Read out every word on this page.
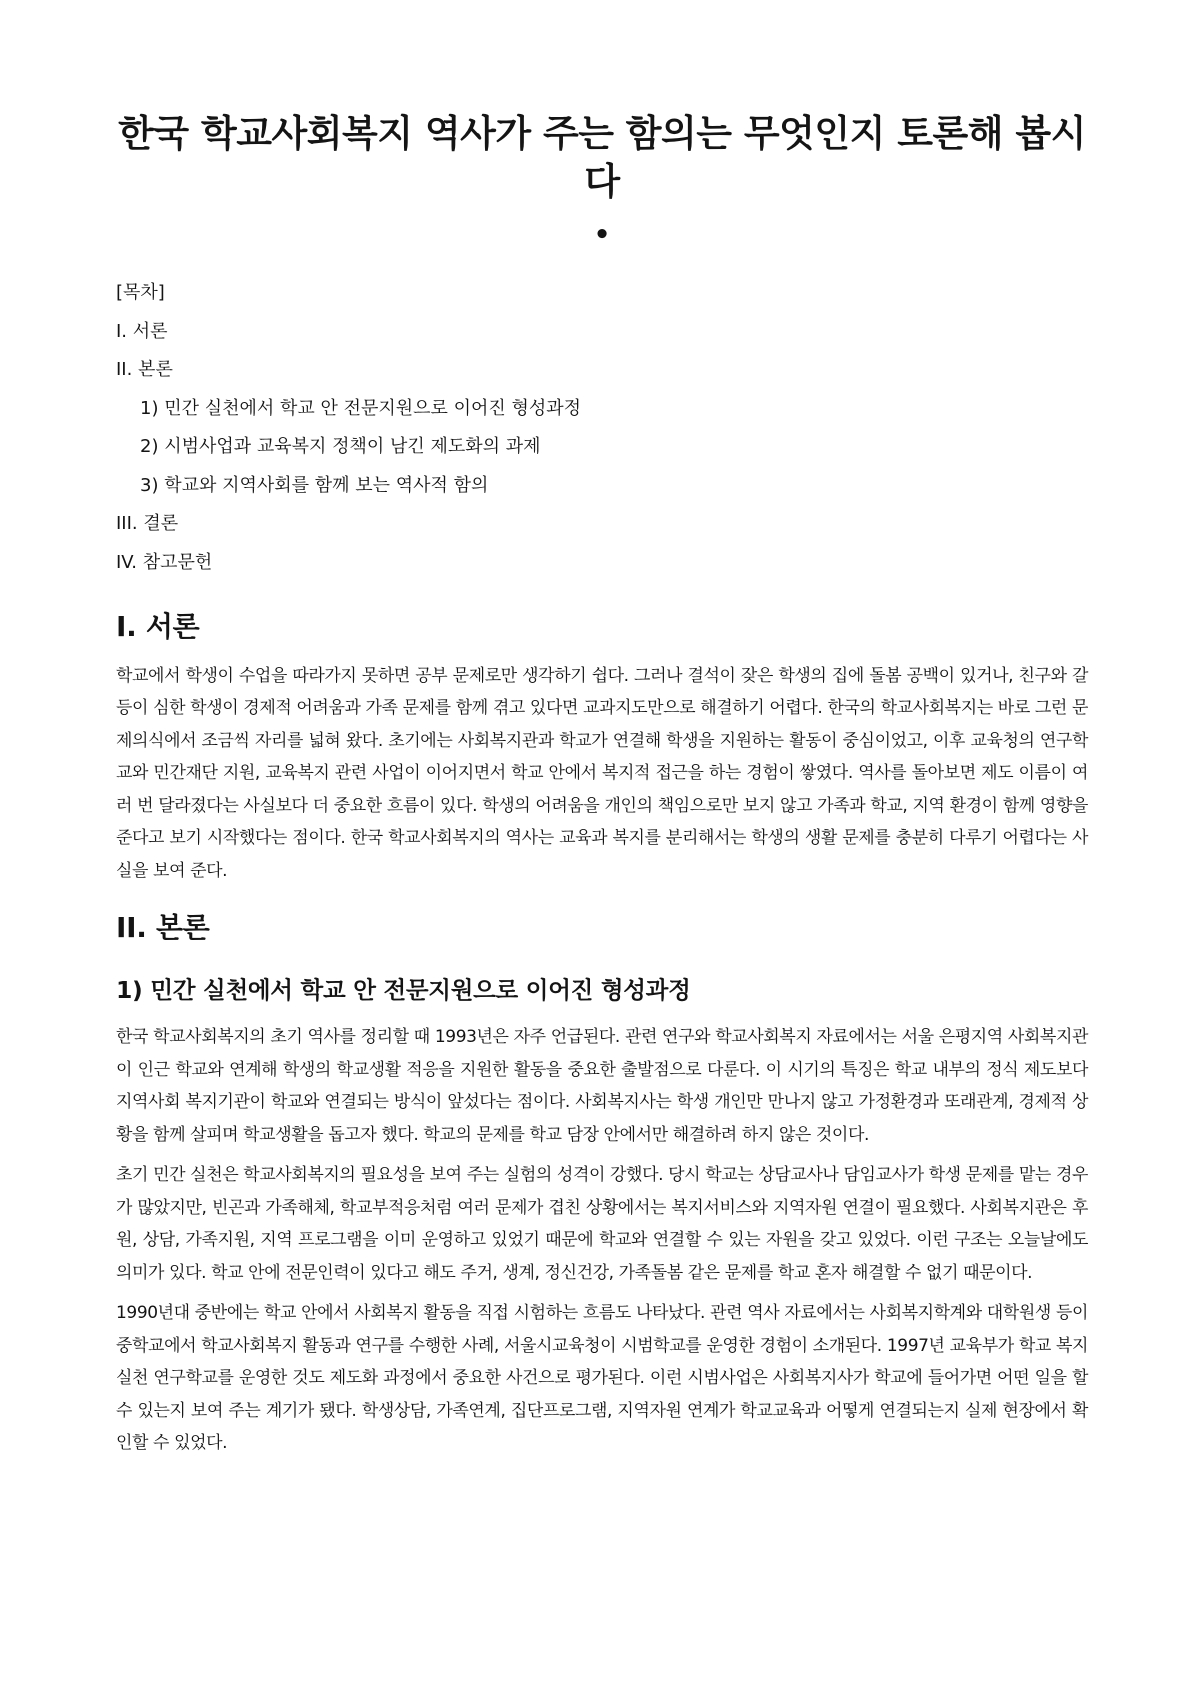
한국 학교사회복지 역사가 주는 함의는 무엇인지 토론해 봅시다
•
[목차]
I. 서론
II. 본론
1) 민간 실천에서 학교 안 전문지원으로 이어진 형성과정
2) 시범사업과 교육복지 정책이 남긴 제도화의 과제
3) 학교와 지역사회를 함께 보는 역사적 함의
III. 결론
IV. 참고문헌
I. 서론

학교에서 학생이 수업을 따라가지 못하면 공부 문제로만 생각하기 쉽다. 그러나 결석이 잦은 학생의 집에 돌봄 공백이 있거나, 친구와 갈등이 심한 학생이 경제적 어려움과 가족 문제를 함께 겪고 있다면 교과지도만으로 해결하기 어렵다. 한국의 학교사회복지는 바로 그런 문제의식에서 조금씩 자리를 넓혀 왔다. 초기에는 사회복지관과 학교가 연결해 학생을 지원하는 활동이 중심이었고, 이후 교육청의 연구학교와 민간재단 지원, 교육복지 관련 사업이 이어지면서 학교 안에서 복지적 접근을 하는 경험이 쌓였다. 역사를 돌아보면 제도 이름이 여러 번 달라졌다는 사실보다 더 중요한 흐름이 있다. 학생의 어려움을 개인의 책임으로만 보지 않고 가족과 학교, 지역 환경이 함께 영향을 준다고 보기 시작했다는 점이다. 한국 학교사회복지의 역사는 교육과 복지를 분리해서는 학생의 생활 문제를 충분히 다루기 어렵다는 사실을 보여 준다.

II. 본론
1) 민간 실천에서 학교 안 전문지원으로 이어진 형성과정

한국 학교사회복지의 초기 역사를 정리할 때 1993년은 자주 언급된다. 관련 연구와 학교사회복지 자료에서는 서울 은평지역 사회복지관이 인근 학교와 연계해 학생의 학교생활 적응을 지원한 활동을 중요한 출발점으로 다룬다. 이 시기의 특징은 학교 내부의 정식 제도보다 지역사회 복지기관이 학교와 연결되는 방식이 앞섰다는 점이다. 사회복지사는 학생 개인만 만나지 않고 가정환경과 또래관계, 경제적 상황을 함께 살피며 학교생활을 돕고자 했다. 학교의 문제를 학교 담장 안에서만 해결하려 하지 않은 것이다.

초기 민간 실천은 학교사회복지의 필요성을 보여 주는 실험의 성격이 강했다. 당시 학교는 상담교사나 담임교사가 학생 문제를 맡는 경우가 많았지만, 빈곤과 가족해체, 학교부적응처럼 여러 문제가 겹친 상황에서는 복지서비스와 지역자원 연결이 필요했다. 사회복지관은 후원, 상담, 가족지원, 지역 프로그램을 이미 운영하고 있었기 때문에 학교와 연결할 수 있는 자원을 갖고 있었다. 이런 구조는 오늘날에도 의미가 있다. 학교 안에 전문인력이 있다고 해도 주거, 생계, 정신건강, 가족돌봄 같은 문제를 학교 혼자 해결할 수 없기 때문이다.

1990년대 중반에는 학교 안에서 사회복지 활동을 직접 시험하는 흐름도 나타났다. 관련 역사 자료에서는 사회복지학계와 대학원생 등이 중학교에서 학교사회복지 활동과 연구를 수행한 사례, 서울시교육청이 시범학교를 운영한 경험이 소개된다. 1997년 교육부가 학교 복지 실천 연구학교를 운영한 것도 제도화 과정에서 중요한 사건으로 평가된다. 이런 시범사업은 사회복지사가 학교에 들어가면 어떤 일을 할 수 있는지 보여 주는 계기가 됐다. 학생상담, 가족연계, 집단프로그램, 지역자원 연계가 학교교육과 어떻게 연결되는지 실제 현장에서 확인할 수 있었다.
